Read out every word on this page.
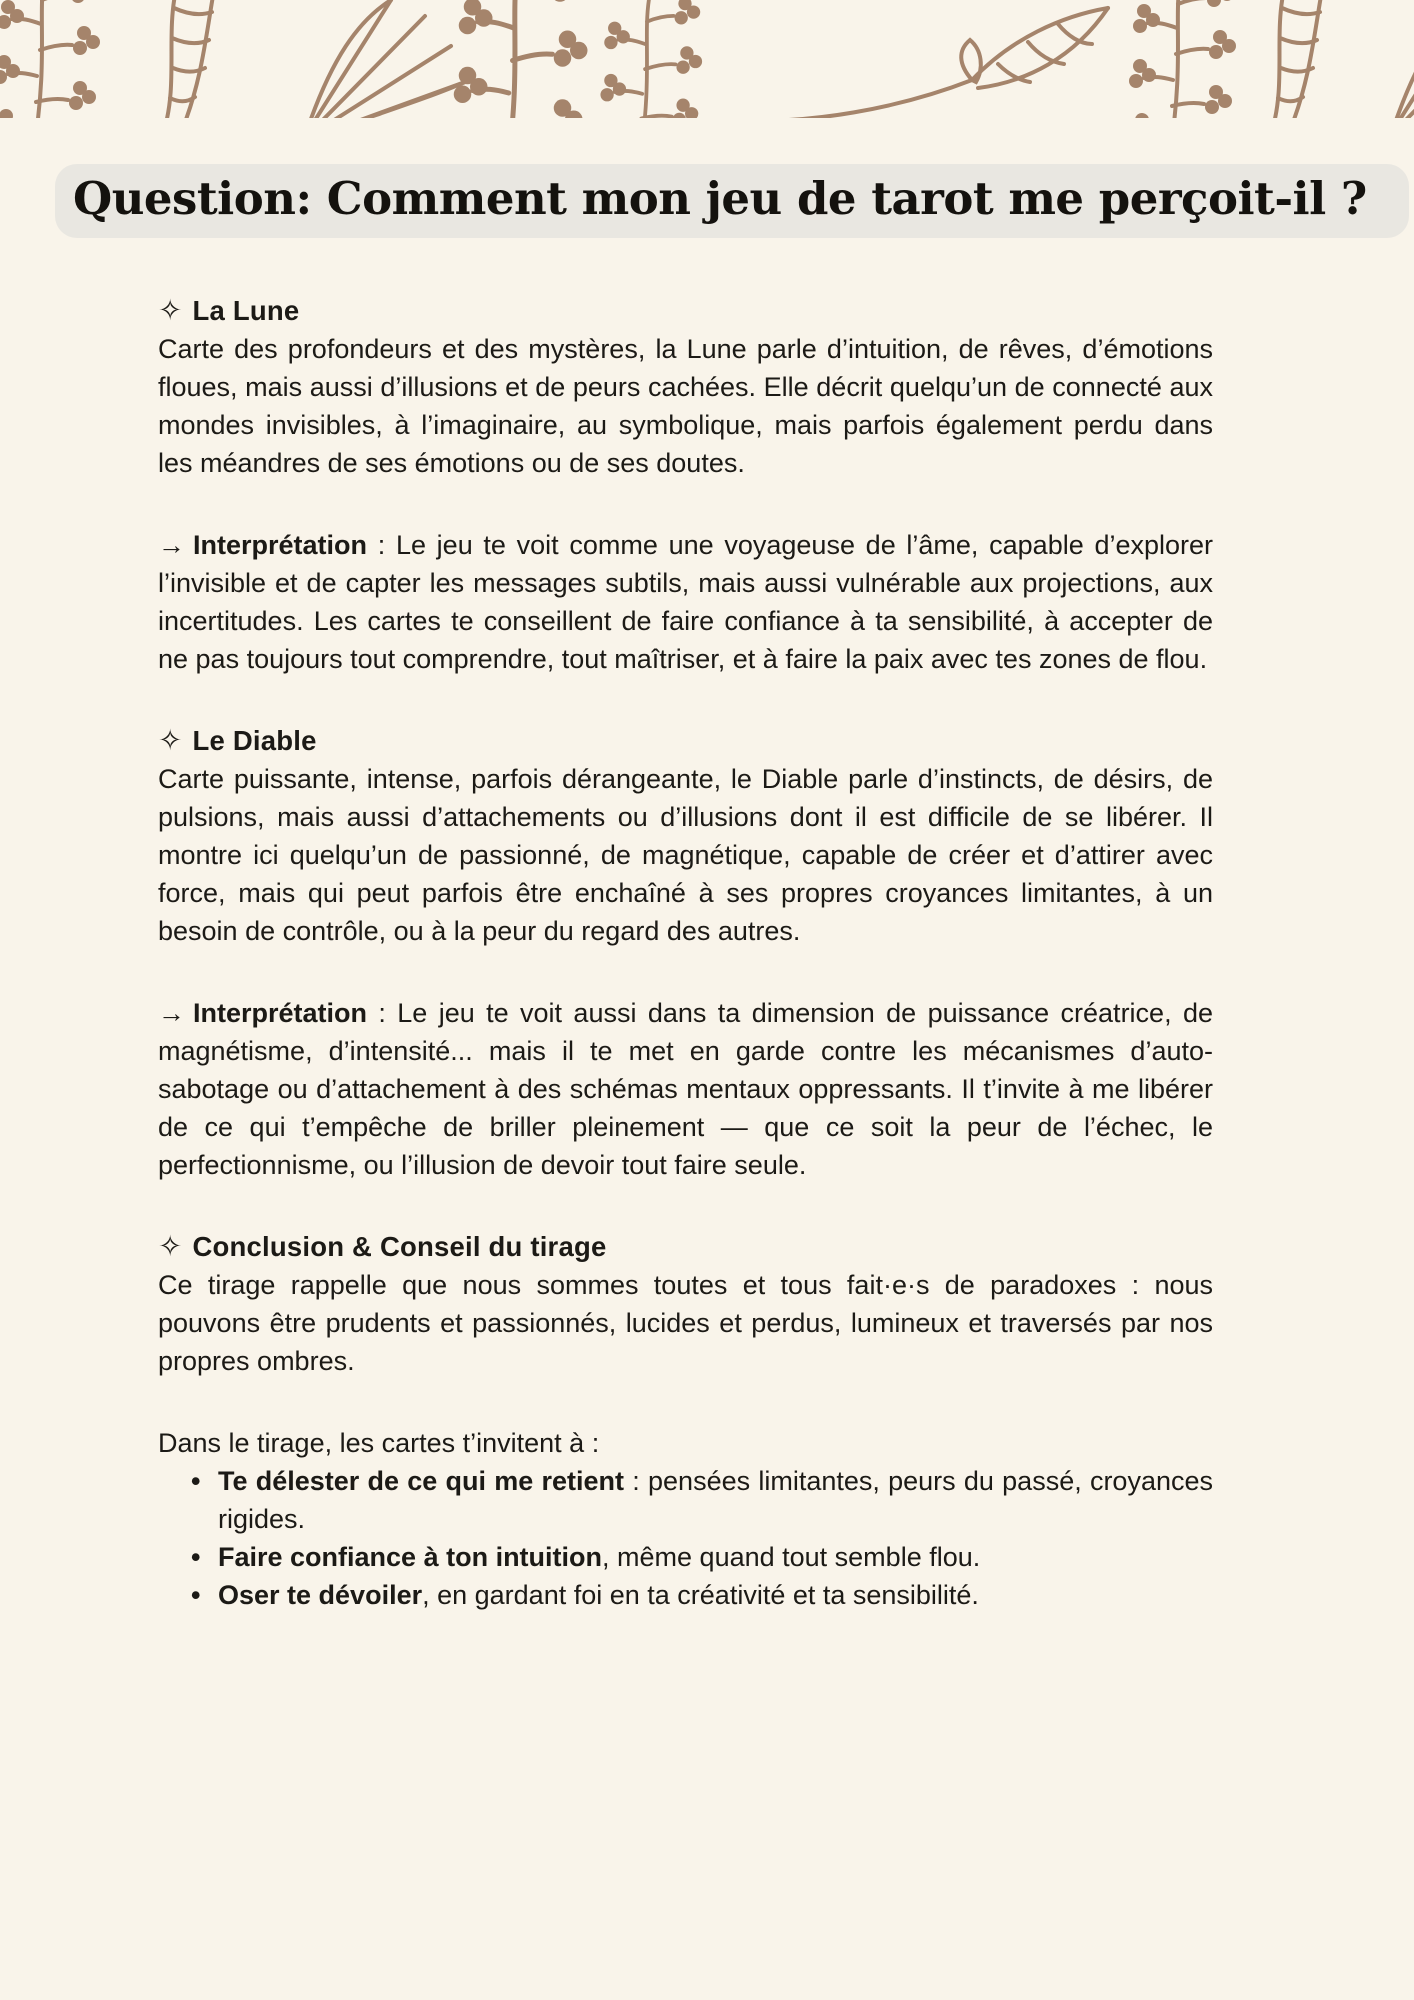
Question: Comment mon jeu de tarot me perçoit-il ?
✧ La Lune

Carte des profondeurs et des mystères, la Lune parle d’intuition, de rêves, d’émotions floues, mais aussi d’illusions et de peurs cachées. Elle décrit quelqu’un de connecté aux mondes invisibles, à l’imaginaire, au symbolique, mais parfois également perdu dans les méandres de ses émotions ou de ses doutes.

→ Interprétation : Le jeu te voit comme une voyageuse de l’âme, capable d’explorer l’invisible et de capter les messages subtils, mais aussi vulnérable aux projections, aux incertitudes. Les cartes te conseillent de faire confiance à ta sensibilité, à accepter de ne pas toujours tout comprendre, tout maîtriser, et à faire la paix avec tes zones de flou.

✧ Le Diable

Carte puissante, intense, parfois dérangeante, le Diable parle d’instincts, de désirs, de pulsions, mais aussi d’attachements ou d’illusions dont il est difficile de se libérer. Il montre ici quelqu’un de passionné, de magnétique, capable de créer et d’attirer avec force, mais qui peut parfois être enchaîné à ses propres croyances limitantes, à un besoin de contrôle, ou à la peur du regard des autres.

→ Interprétation : Le jeu te voit aussi dans ta dimension de puissance créatrice, de magnétisme, d’intensité... mais il te met en garde contre les mécanismes d’auto-sabotage ou d’attachement à des schémas mentaux oppressants. Il t’invite à me libérer de ce qui t’empêche de briller pleinement — que ce soit la peur de l’échec, le perfectionnisme, ou l’illusion de devoir tout faire seule.

✧ Conclusion & Conseil du tirage

Ce tirage rappelle que nous sommes toutes et tous fait·e·s de paradoxes : nous pouvons être prudents et passionnés, lucides et perdus, lumineux et traversés par nos propres ombres.

Dans le tirage, les cartes t’invitent à :

• Te délester de ce qui me retient : pensées limitantes, peurs du passé, croyances rigides.
• Faire confiance à ton intuition, même quand tout semble flou.
• Oser te dévoiler, en gardant foi en ta créativité et ta sensibilité.
